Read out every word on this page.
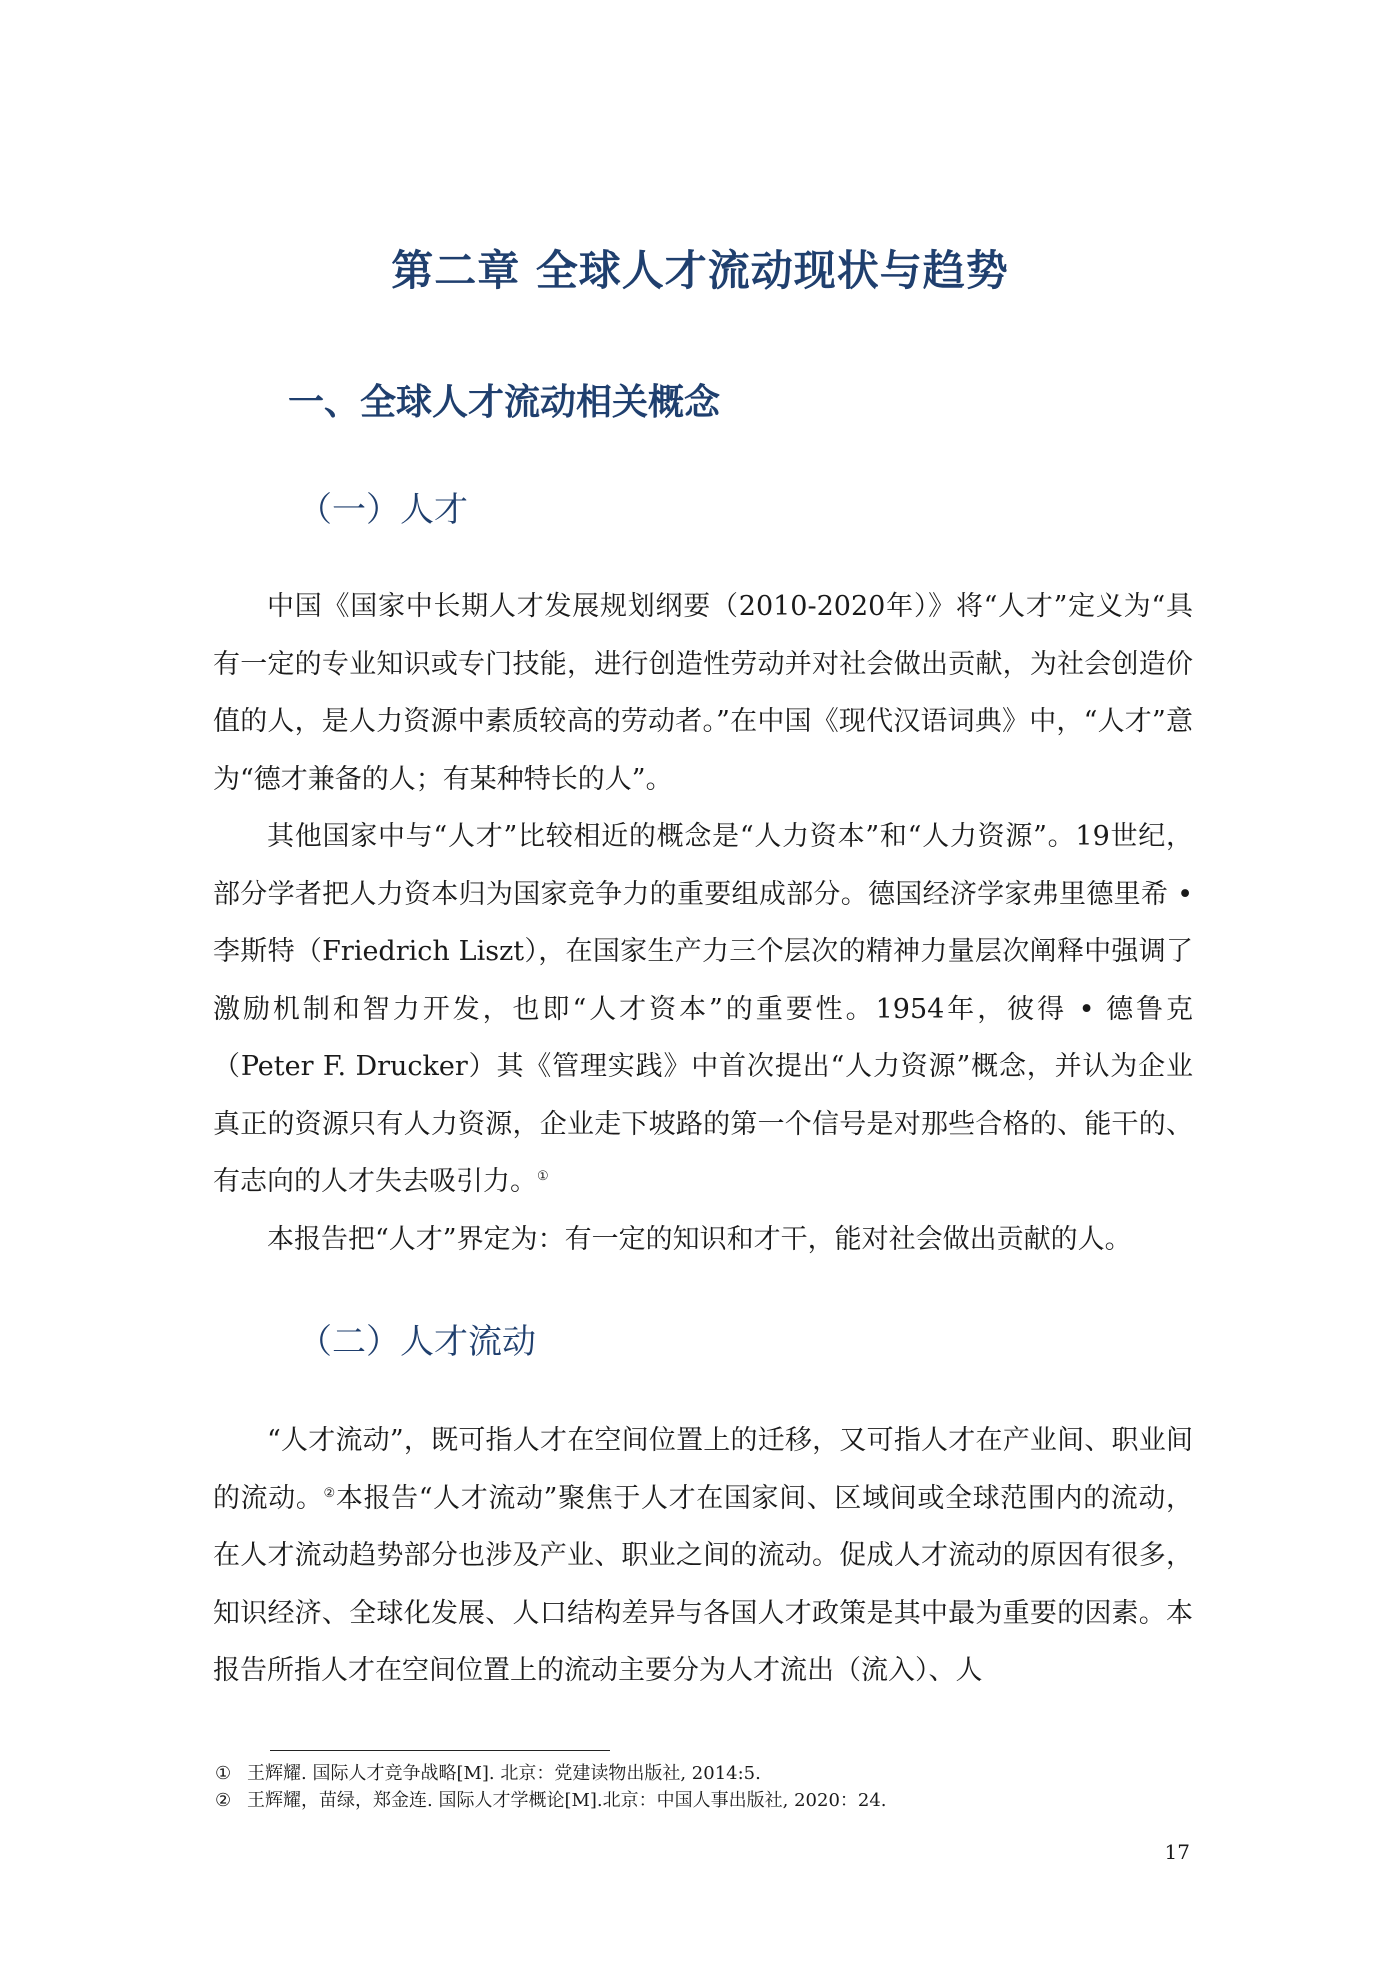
第二章 全球人才流动现状与趋势
一、全球人才流动相关概念
（一）人才

中国《国家中长期人才发展规划纲要（2010-2020年）》将“人才”定义为“具有一定的专业知识或专门技能，进行创造性劳动并对社会做出贡献，为社会创造价值的人，是人力资源中素质较高的劳动者。”在中国《现代汉语词典》中，“人才”意为“德才兼备的人；有某种特长的人”。

其他国家中与“人才”比较相近的概念是“人力资本”和“人力资源”。19世纪，部分学者把人力资本归为国家竞争力的重要组成部分。德国经济学家弗里德里希 • 李斯特（Friedrich Liszt），在国家生产力三个层次的精神力量层次阐释中强调了激励机制和智力开发，也即“人才资本”的重要性。1954年，彼得 • 德鲁克（Peter F. Drucker）其《管理实践》中首次提出“人力资源”概念，并认为企业真正的资源只有人力资源，企业走下坡路的第一个信号是对那些合格的、能干的、有志向的人才失去吸引力。①

本报告把“人才”界定为：有一定的知识和才干，能对社会做出贡献的人。

（二）人才流动

“人才流动”，既可指人才在空间位置上的迁移，又可指人才在产业间、职业间的流动。②本报告“人才流动”聚焦于人才在国家间、区域间或全球范围内的流动，在人才流动趋势部分也涉及产业、职业之间的流动。促成人才流动的原因有很多，知识经济、全球化发展、人口结构差异与各国人才政策是其中最为重要的因素。本报告所指人才在空间位置上的流动主要分为人才流出（流入）、人

① 王辉耀. 国际人才竞争战略[M]. 北京：党建读物出版社, 2014:5.

② 王辉耀，苗绿，郑金连. 国际人才学概论[M].北京：中国人事出版社, 2020：24.

17
